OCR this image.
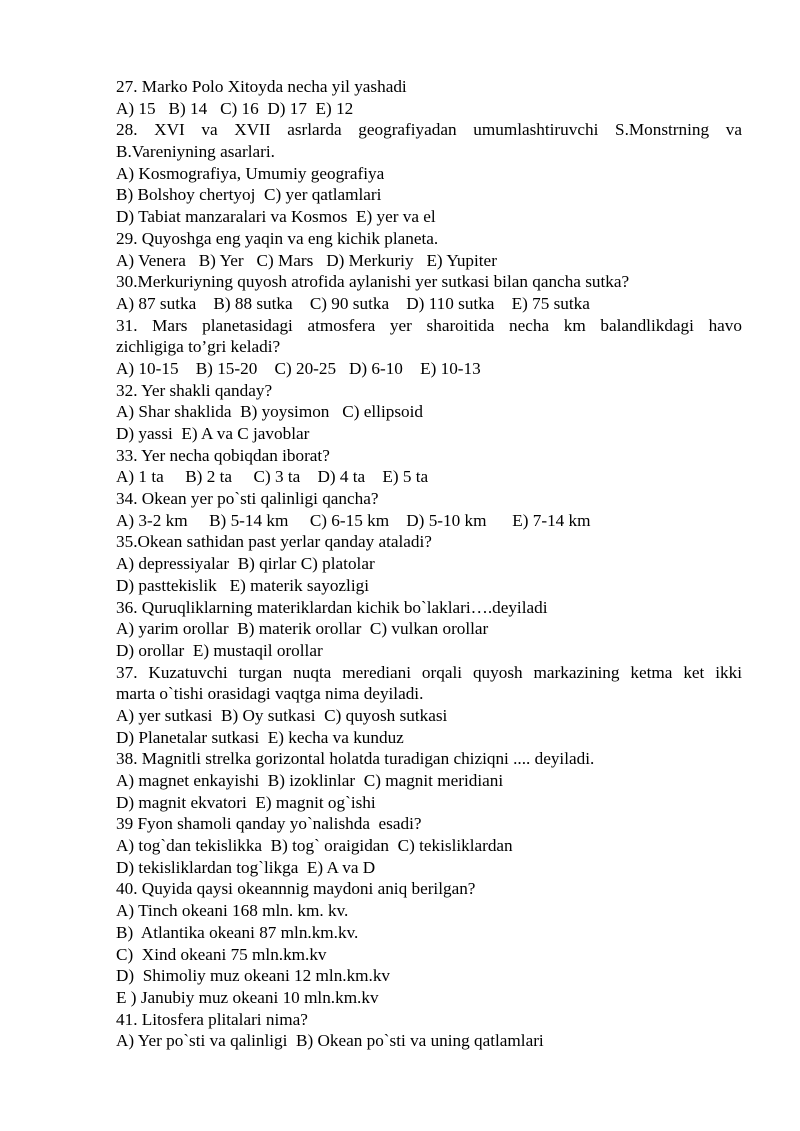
27. Marko Polo Xitoyda necha yil yashadi
A) 15   B) 14   C) 16  D) 17  E) 12
28. XVI va XVII asrlarda geografiyadan umumlashtiruvchi S.Monstrning va
B.Vareniyning asarlari.
A) Kosmografiya, Umumiy geografiya
B) Bolshoy chertyoj  C) yer qatlamlari
D) Tabiat manzaralari va Kosmos  E) yer va el
29. Quyoshga eng yaqin va eng kichik planeta.
A) Venera   B) Yer   C) Mars   D) Merkuriy   E) Yupiter
30.Merkuriyning quyosh atrofida aylanishi yer sutkasi bilan qancha sutka?
A) 87 sutka    B) 88 sutka    C) 90 sutka    D) 110 sutka    E) 75 sutka
31. Mars planetasidagi atmosfera yer sharoitida necha km balandlikdagi havo
zichligiga to’gri keladi?
A) 10-15    B) 15-20    C) 20-25   D) 6-10    E) 10-13
32. Yer shakli qanday?
A) Shar shaklida  B) yoysimon   C) ellipsoid
D) yassi  E) A va C javoblar
33. Yer necha qobiqdan iborat?
A) 1 ta     B) 2 ta     C) 3 ta    D) 4 ta    E) 5 ta
34. Okean yer po`sti qalinligi qancha?
A) 3-2 km     B) 5-14 km     C) 6-15 km    D) 5-10 km      E) 7-14 km
35.Okean sathidan past yerlar qanday ataladi?
A) depressiyalar  B) qirlar C) platolar
D) pasttekislik   E) materik sayozligi
36. Quruqliklarning materiklardan kichik bo`laklari….deyiladi
A) yarim orollar  B) materik orollar  C) vulkan orollar
D) orollar  E) mustaqil orollar
37. Kuzatuvchi turgan nuqta merediani orqali quyosh markazining ketma ket ikki
marta o`tishi orasidagi vaqtga nima deyiladi.
A) yer sutkasi  B) Oy sutkasi  C) quyosh sutkasi
D) Planetalar sutkasi  E) kecha va kunduz
38. Magnitli strelka gorizontal holatda turadigan chiziqni .... deyiladi.
A) magnet enkayishi  B) izoklinlar  C) magnit meridiani
D) magnit ekvatori  E) magnit og`ishi
39 Fyon shamoli qanday yo`nalishda  esadi?
A) tog`dan tekislikka  B) tog` oraigidan  C) tekisliklardan
D) tekisliklardan tog`likga  E) A va D
40. Quyida qaysi okeannnig maydoni aniq berilgan?
A) Tinch okeani 168 mln. km. kv.
B)  Atlantika okeani 87 mln.km.kv.
C)  Xind okeani 75 mln.km.kv
D)  Shimoliy muz okeani 12 mln.km.kv
E ) Janubiy muz okeani 10 mln.km.kv
41. Litosfera plitalari nima?
A) Yer po`sti va qalinligi  B) Okean po`sti va uning qatlamlari
